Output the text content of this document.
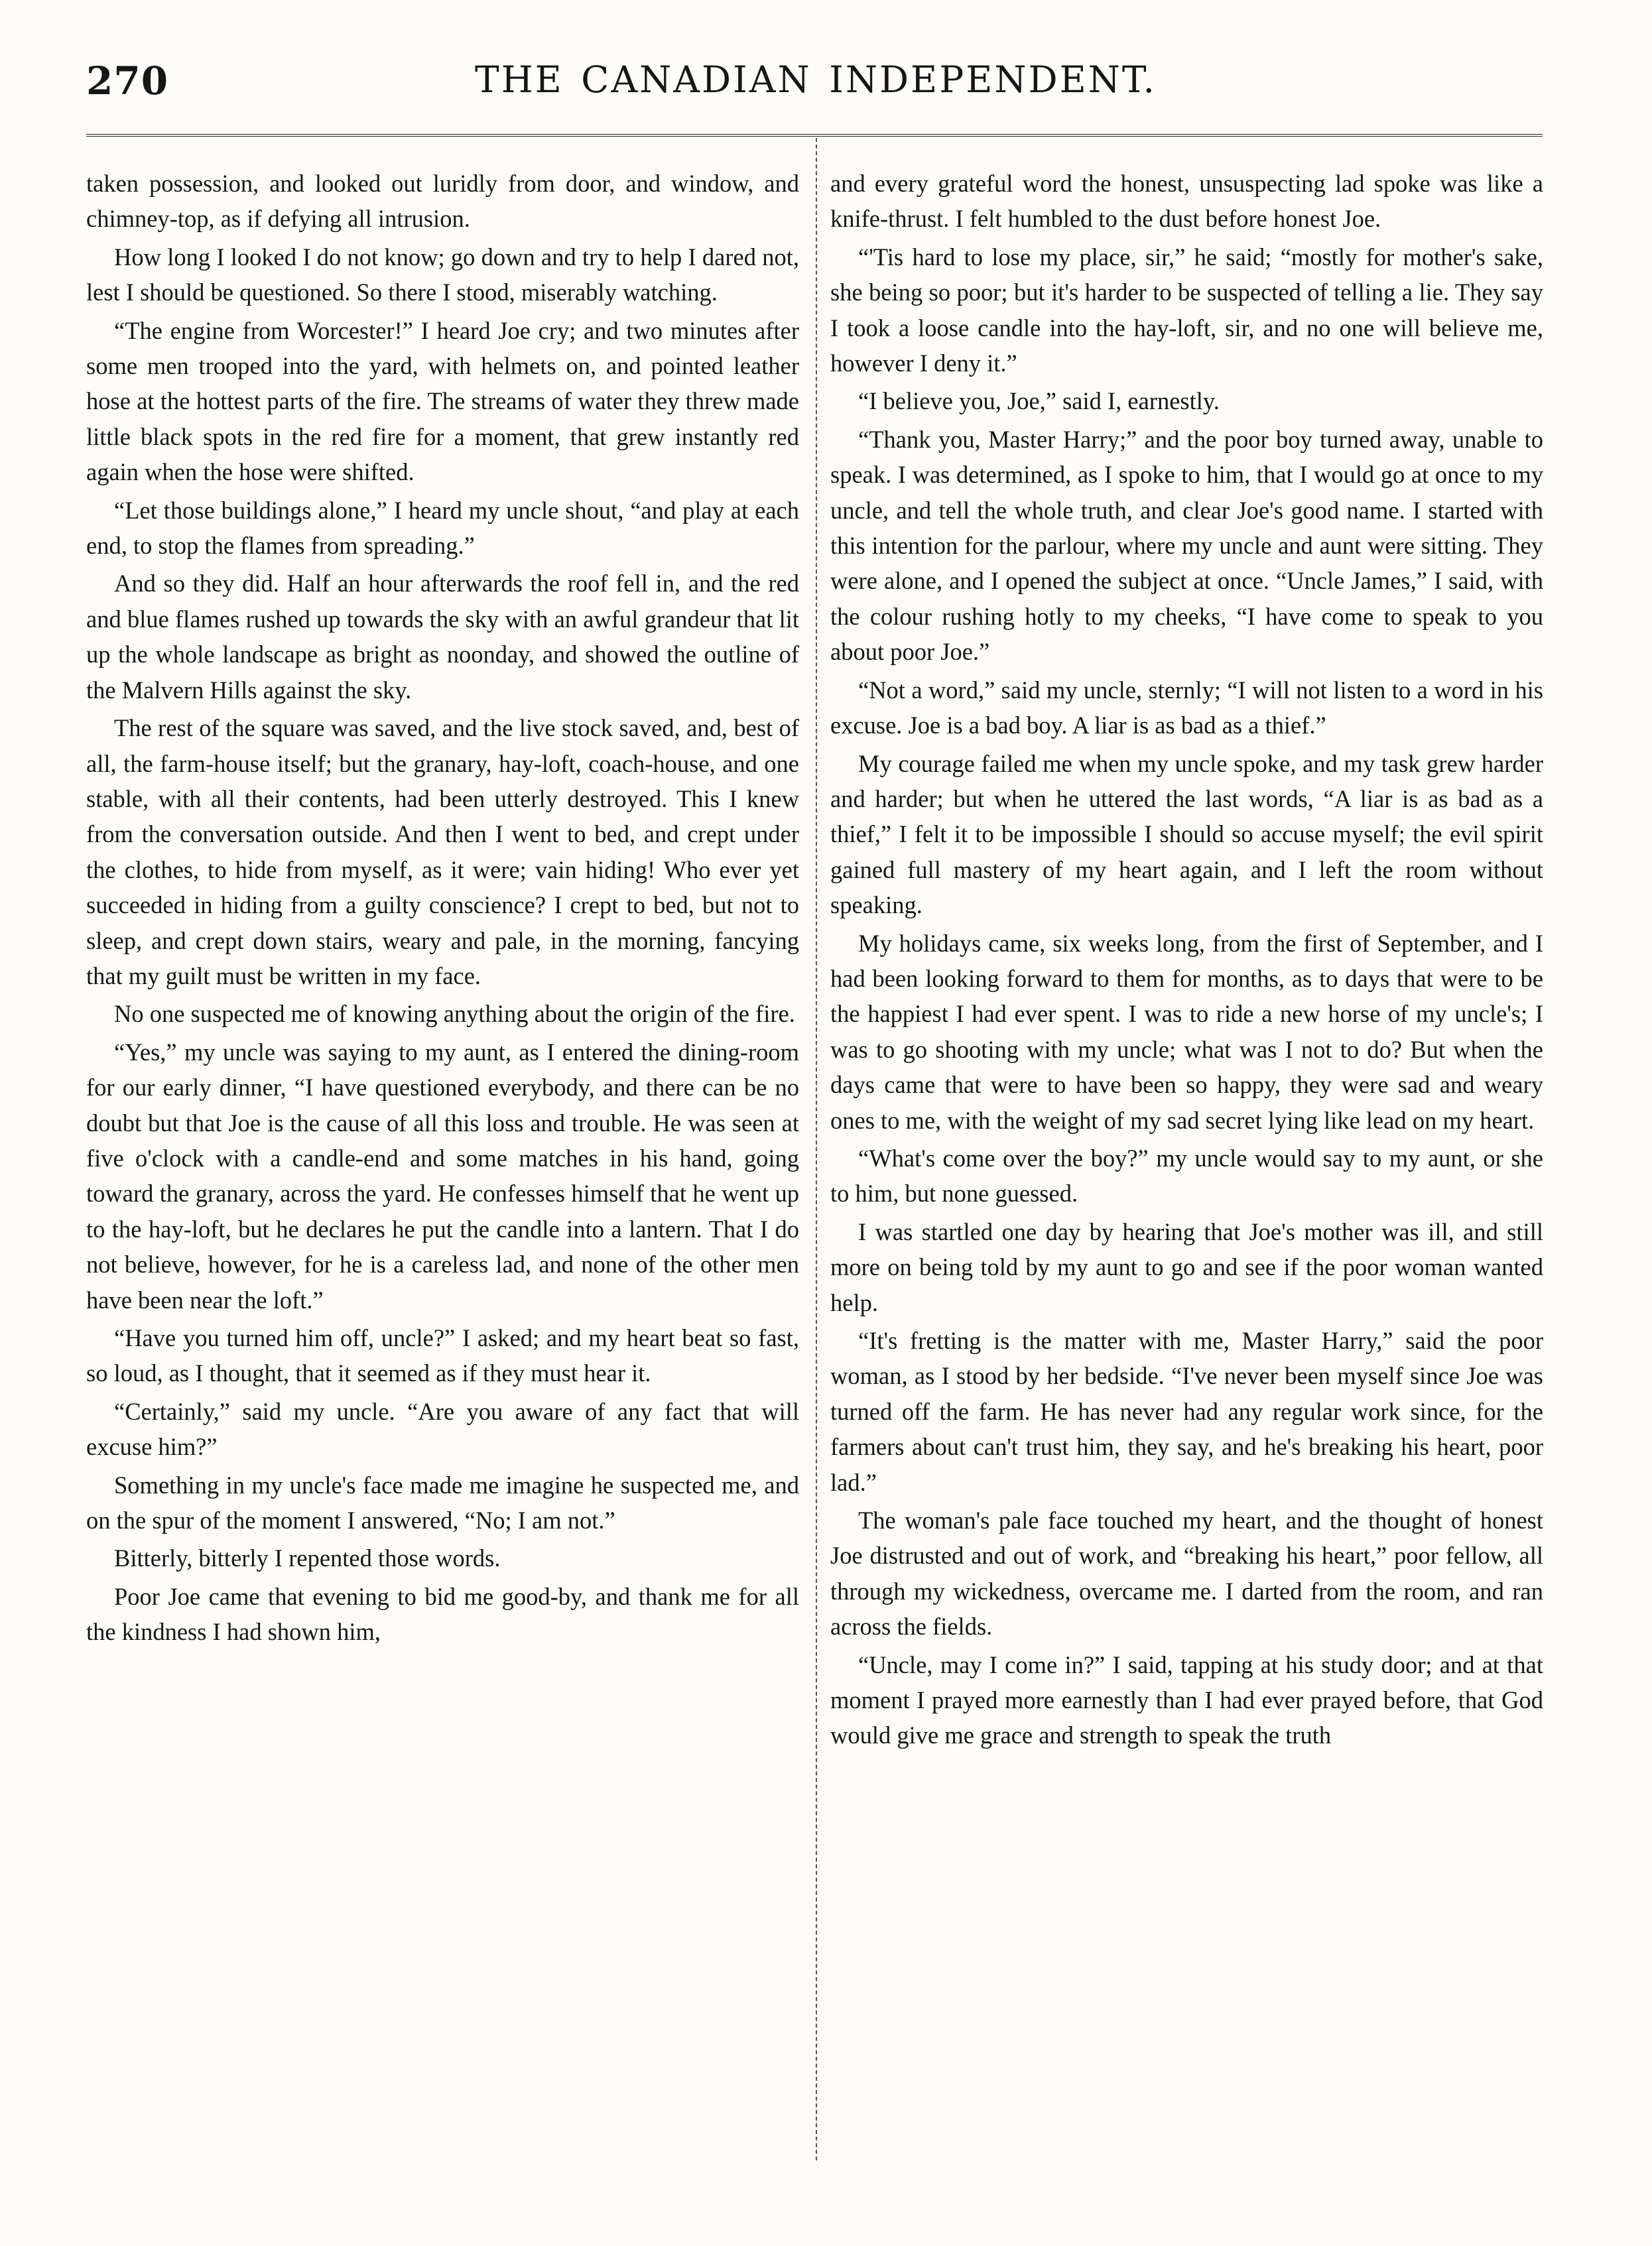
270	THE CANADIAN INDEPENDENT.

taken possession, and looked out luridly from door, and window, and chimney-top, as if defying all intrusion.

How long I looked I do not know; go down and try to help I dared not, lest I should be questioned. So there I stood, miserably watching.

“The engine from Worcester!” I heard Joe cry; and two minutes after some men trooped into the yard, with helmets on, and pointed leather hose at the hottest parts of the fire. The streams of water they threw made little black spots in the red fire for a moment, that grew instantly red again when the hose were shifted.

“Let those buildings alone,” I heard my uncle shout, “and play at each end, to stop the flames from spreading.”

And so they did. Half an hour afterwards the roof fell in, and the red and blue flames rushed up towards the sky with an awful grandeur that lit up the whole landscape as bright as noonday, and showed the outline of the Malvern Hills against the sky.

The rest of the square was saved, and the live stock saved, and, best of all, the farm-house itself; but the granary, hay-loft, coach-house, and one stable, with all their contents, had been utterly destroyed. This I knew from the conversation outside. And then I went to bed, and crept under the clothes, to hide from myself, as it were; vain hiding! Who ever yet succeeded in hiding from a guilty conscience? I crept to bed, but not to sleep, and crept down stairs, weary and pale, in the morning, fancying that my guilt must be written in my face.

No one suspected me of knowing anything about the origin of the fire.

“Yes,” my uncle was saying to my aunt, as I entered the dining-room for our early dinner, “I have questioned everybody, and there can be no doubt but that Joe is the cause of all this loss and trouble. He was seen at five o'clock with a candle-end and some matches in his hand, going toward the granary, across the yard. He confesses himself that he went up to the hay-loft, but he declares he put the candle into a lantern. That I do not believe, however, for he is a careless lad, and none of the other men have been near the loft.”

“Have you turned him off, uncle?” I asked; and my heart beat so fast, so loud, as I thought, that it seemed as if they must hear it.

“Certainly,” said my uncle. “Are you aware of any fact that will excuse him?”

Something in my uncle's face made me imagine he suspected me, and on the spur of the moment I answered, “No; I am not.”

Bitterly, bitterly I repented those words.

Poor Joe came that evening to bid me good-by, and thank me for all the kindness I had shown him,

and every grateful word the honest, unsuspecting lad spoke was like a knife-thrust. I felt humbled to the dust before honest Joe.

“'Tis hard to lose my place, sir,” he said; “mostly for mother's sake, she being so poor; but it's harder to be suspected of telling a lie. They say I took a loose candle into the hay-loft, sir, and no one will believe me, however I deny it.”

“I believe you, Joe,” said I, earnestly.

“Thank you, Master Harry;” and the poor boy turned away, unable to speak. I was determined, as I spoke to him, that I would go at once to my uncle, and tell the whole truth, and clear Joe's good name. I started with this intention for the parlour, where my uncle and aunt were sitting. They were alone, and I opened the subject at once. “Uncle James,” I said, with the colour rushing hotly to my cheeks, “I have come to speak to you about poor Joe.”

“Not a word,” said my uncle, sternly; “I will not listen to a word in his excuse. Joe is a bad boy. A liar is as bad as a thief.”

My courage failed me when my uncle spoke, and my task grew harder and harder; but when he uttered the last words, “A liar is as bad as a thief,” I felt it to be impossible I should so accuse myself; the evil spirit gained full mastery of my heart again, and I left the room without speaking.

My holidays came, six weeks long, from the first of September, and I had been looking forward to them for months, as to days that were to be the happiest I had ever spent. I was to ride a new horse of my uncle's; I was to go shooting with my uncle; what was I not to do? But when the days came that were to have been so happy, they were sad and weary ones to me, with the weight of my sad secret lying like lead on my heart.

“What's come over the boy?” my uncle would say to my aunt, or she to him, but none guessed.

I was startled one day by hearing that Joe's mother was ill, and still more on being told by my aunt to go and see if the poor woman wanted help.

“It's fretting is the matter with me, Master Harry,” said the poor woman, as I stood by her bedside. “I've never been myself since Joe was turned off the farm. He has never had any regular work since, for the farmers about can't trust him, they say, and he's breaking his heart, poor lad.”

The woman's pale face touched my heart, and the thought of honest Joe distrusted and out of work, and “breaking his heart,” poor fellow, all through my wickedness, overcame me. I darted from the room, and ran across the fields.

“Uncle, may I come in?” I said, tapping at his study door; and at that moment I prayed more earnestly than I had ever prayed before, that God would give me grace and strength to speak the truth
